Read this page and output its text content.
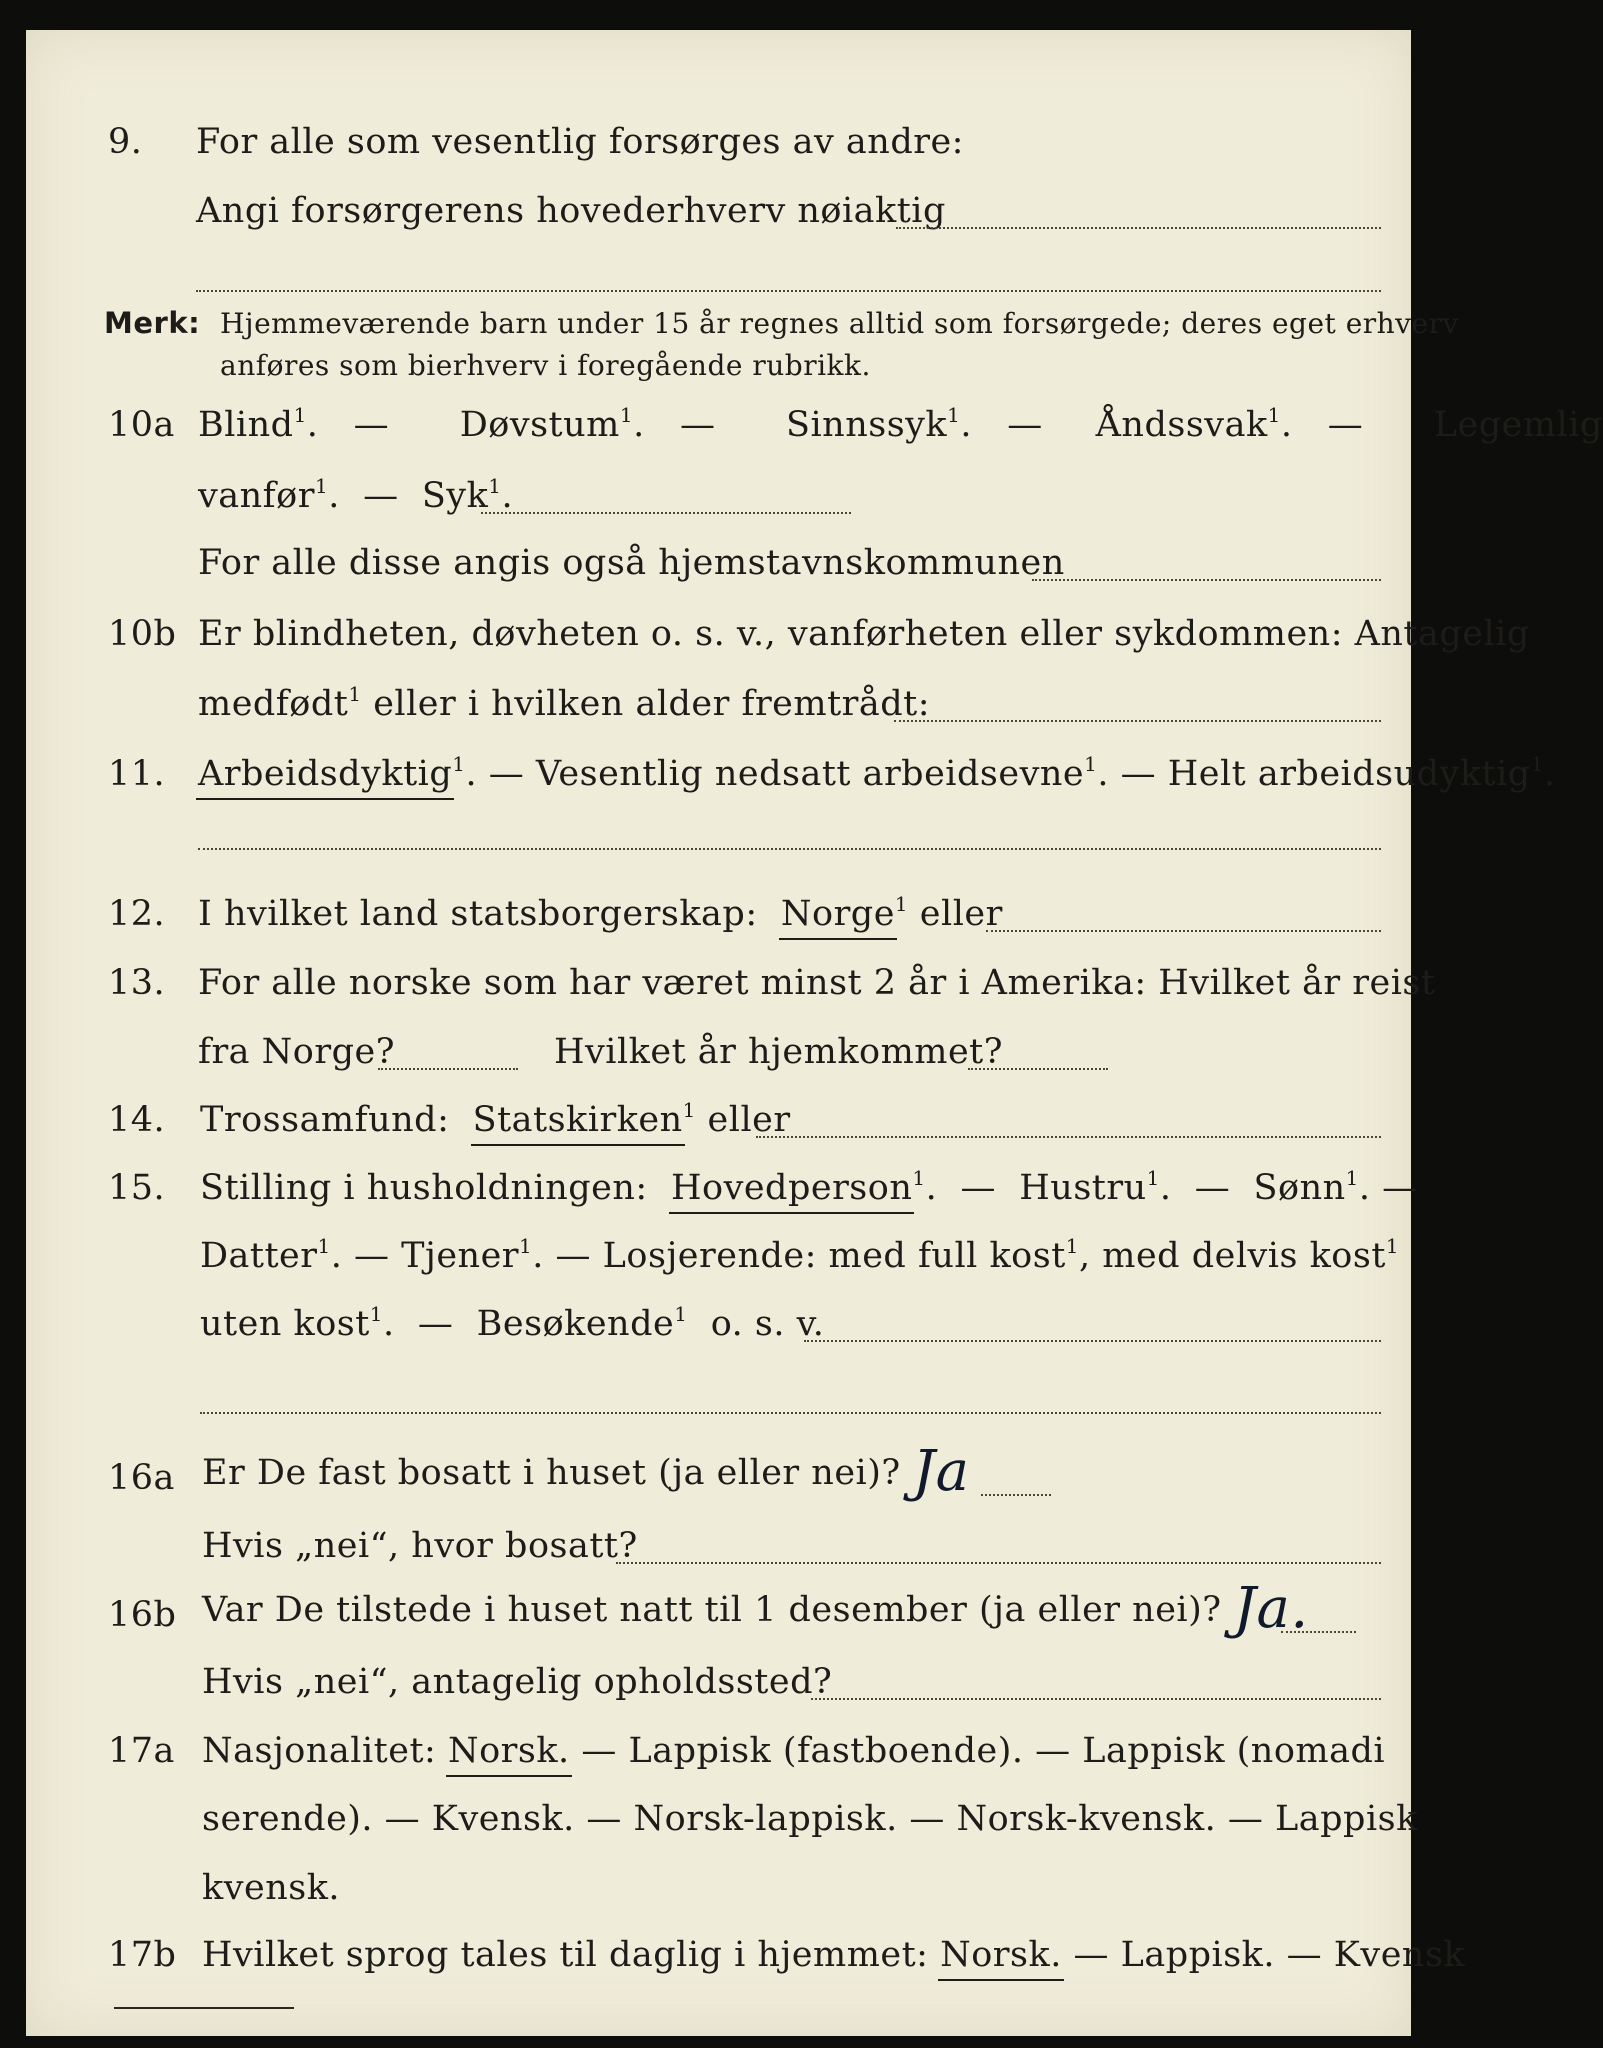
9. For alle som vesentlig forsørges av andre:
Angi forsørgerens hovederhverv nøiaktig
Merk: Hjemmeværende barn under 15 år regnes alltid som forsørgede; deres eget erhverv
anføres som bierhverv i foregående rubrikk.
10a Blind$^1$.  —    Døvstum$^1$.  —    Sinnssyk$^1$.  —   Åndssvak$^1$.  —    Legemlig
vanfør$^1$.  —  Syk$^1$.
For alle disse angis også hjemstavnskommunen
10b Er blindheten, døvheten o. s. v., vanførheten eller sykdommen: Antagelig
medfødt$^1$ eller i hvilken alder fremtrådt:
11. Arbeidsdyktig$^1$. — Vesentlig nedsatt arbeidsevne$^1$. — Helt arbeidsudyktig$^1$.
12. I hvilket land statsborgerskap: Norge$^1$ eller
13. For alle norske som har været minst 2 år i Amerika: Hvilket år reist
fra Norge?	Hvilket år hjemkommet?
14. Trossamfund: Statskirken$^1$ eller
15. Stilling i husholdningen: Hovedperson$^1$.  —  Hustru$^1$.  —  Sønn$^1$. —
Datter$^1$. — Tjener$^1$. — Losjerende: med full kost$^1$, med delvis kost$^1$
uten kost$^1$.  —  Besøkende$^1$ o. s. v.
16a Er De fast bosatt i huset (ja eller nei)? Ja
Hvis „nei“, hvor bosatt?
16b Var De tilstede i huset natt til 1 desember (ja eller nei)? Ja.
Hvis „nei“, antagelig opholdssted?
17a Nasjonalitet: Norsk. — Lappisk (fastboende). — Lappisk (nomadi
serende). — Kvensk. — Norsk-lappisk. — Norsk-kvensk. — Lappisk
kvensk.
17b Hvilket sprog tales til daglig i hjemmet: Norsk. — Lappisk. — Kvensk
